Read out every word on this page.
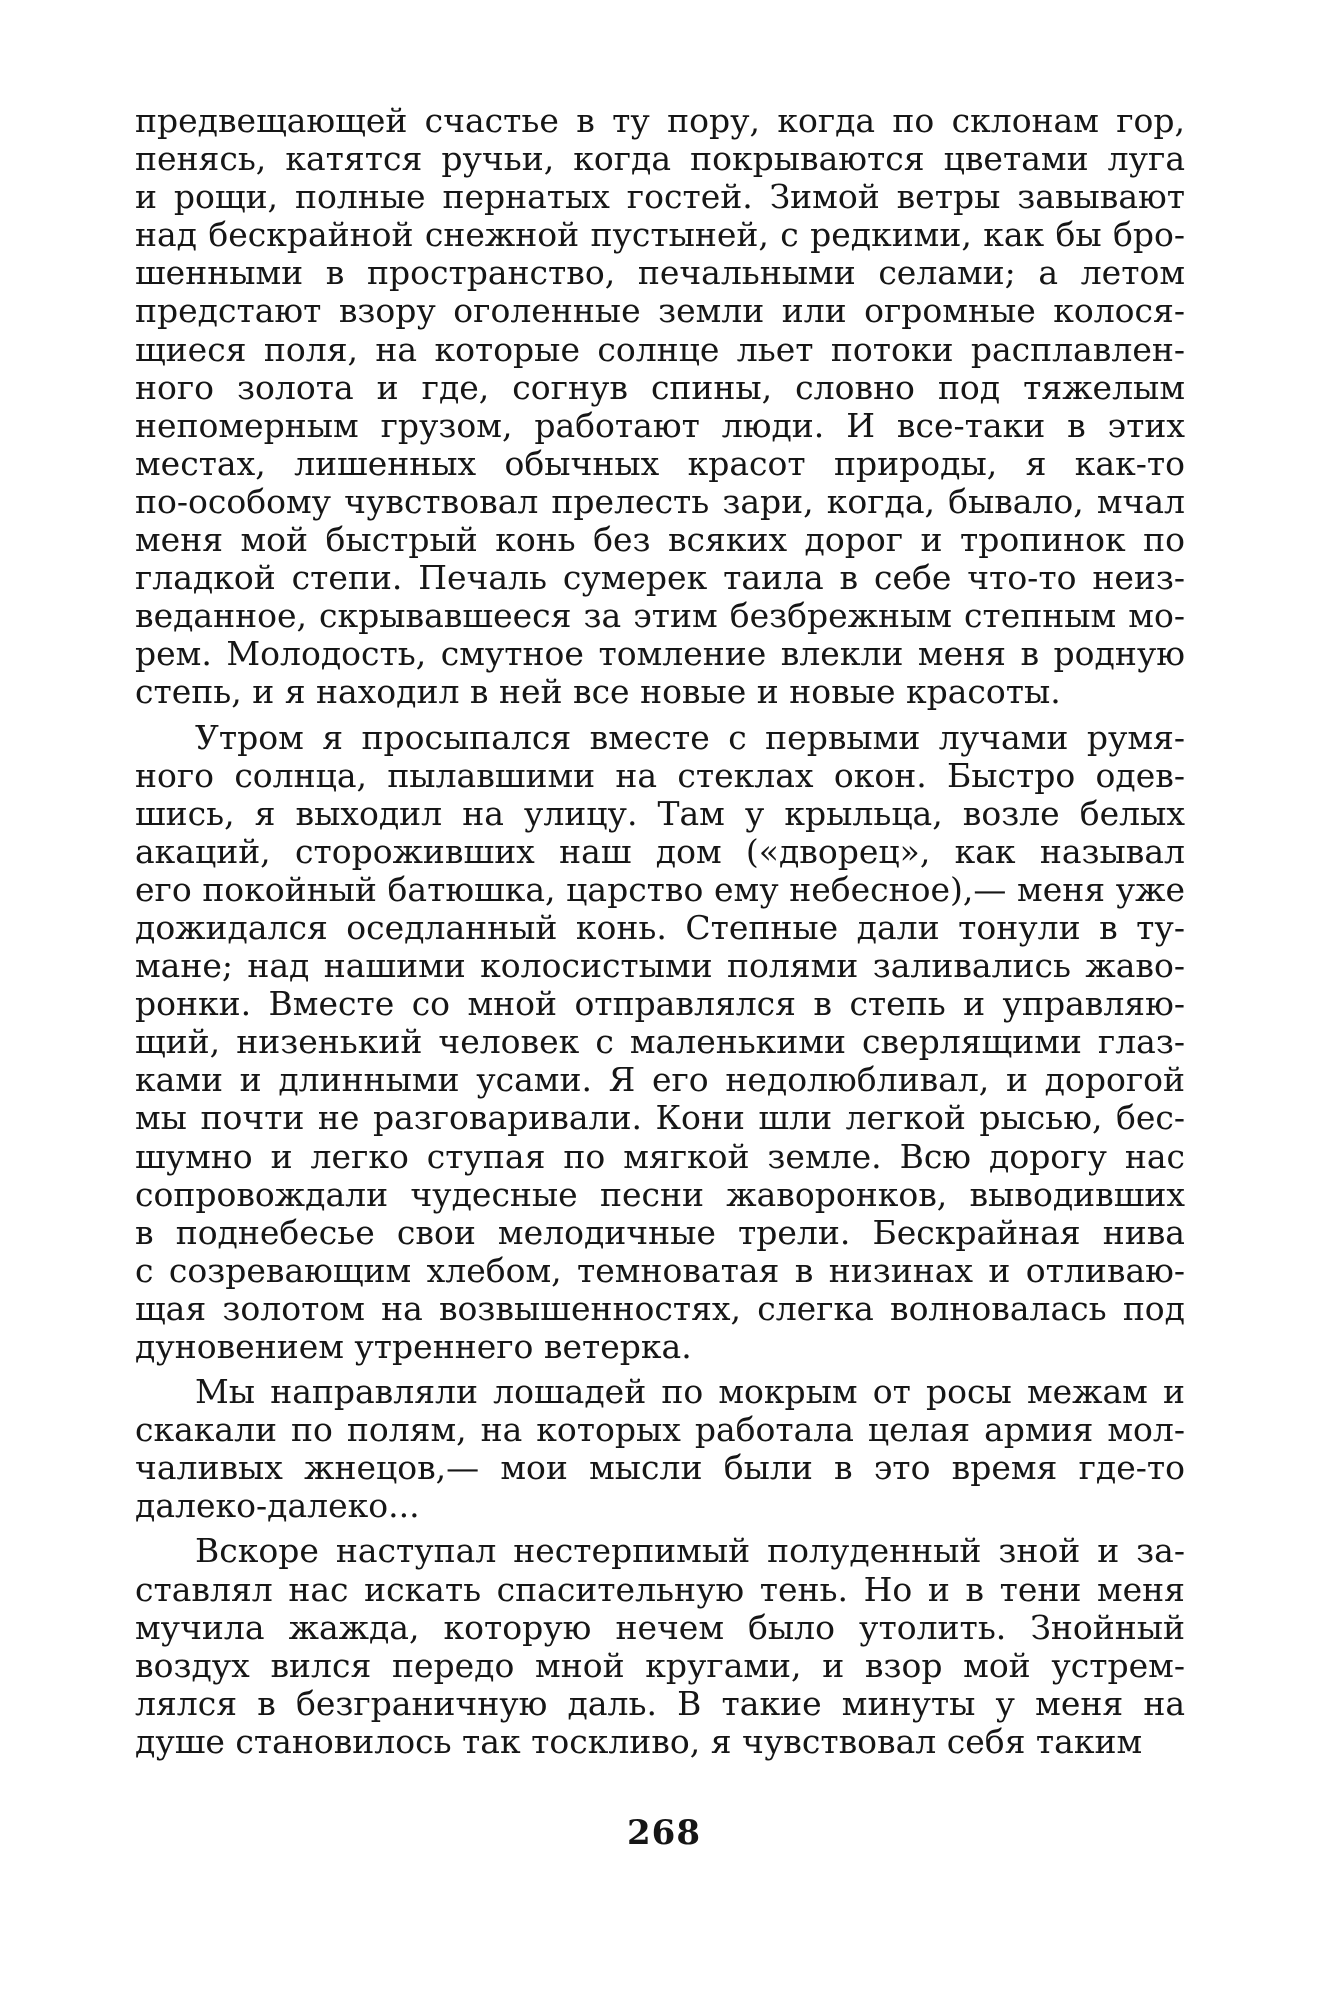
предвещающей счастье в ту пору, когда по склонам гор,
пенясь, катятся ручьи, когда покрываются цветами луга
и рощи, полные пернатых гостей. Зимой ветры завывают
над бескрайной снежной пустыней, с редкими, как бы бро-
шенными в пространство, печальными селами; а летом
предстают взору оголенные земли или огромные колося-
щиеся поля, на которые солнце льет потоки расплавлен-
ного золота и где, согнув спины, словно под тяжелым
непомерным грузом, работают люди. И все-таки в этих
местах, лишенных обычных красот природы, я как-то
по-особому чувствовал прелесть зари, когда, бывало, мчал
меня мой быстрый конь без всяких дорог и тропинок по
гладкой степи. Печаль сумерек таила в себе что-то неиз-
веданное, скрывавшееся за этим безбрежным степным мо-
рем. Молодость, смутное томление влекли меня в родную
степь, и я находил в ней все новые и новые красоты.
Утром я просыпался вместе с первыми лучами румя-
ного солнца, пылавшими на стеклах окон. Быстро одев-
шись, я выходил на улицу. Там у крыльца, возле белых
акаций, сторoживших наш дом («дворец», как называл
его покойный батюшка, царство ему небесное),— меня уже
дожидался оседланный конь. Степные дали тонули в ту-
мане; над нашими колосистыми полями заливались жаво-
ронки. Вместе со мной отправлялся в степь и управляю-
щий, низенький человек с маленькими сверлящими глаз-
ками и длинными усами. Я его недолюбливал, и дорогой
мы почти не разговаривали. Кони шли легкой рысью, бес-
шумно и легко ступая по мягкой земле. Всю дорогу нас
сопровождали чудесные песни жаворонков, выводивших
в поднебесье свои мелодичные трели. Бескрайная нива
с созревающим хлебом, темноватая в низинах и отливаю-
щая золотом на возвышенностях, слегка волновалась под
дуновением утреннего ветерка.
Мы направляли лошадей по мокрым от росы межам и
скакали по полям, на которых работала целая армия мол-
чаливых жнецов,— мои мысли были в это время где-то
далеко-далеко...
Вскоре наступал нестерпимый полуденный зной и за-
ставлял нас искать спасительную тень. Но и в тени меня
мучила жажда, которую нечем было утолить. Знойный
воздух вился передо мной кругами, и взор мой устрем-
лялся в безграничную даль. В такие минуты у меня на
душе становилось так тоскливо, я чувствовал себя таким
268
